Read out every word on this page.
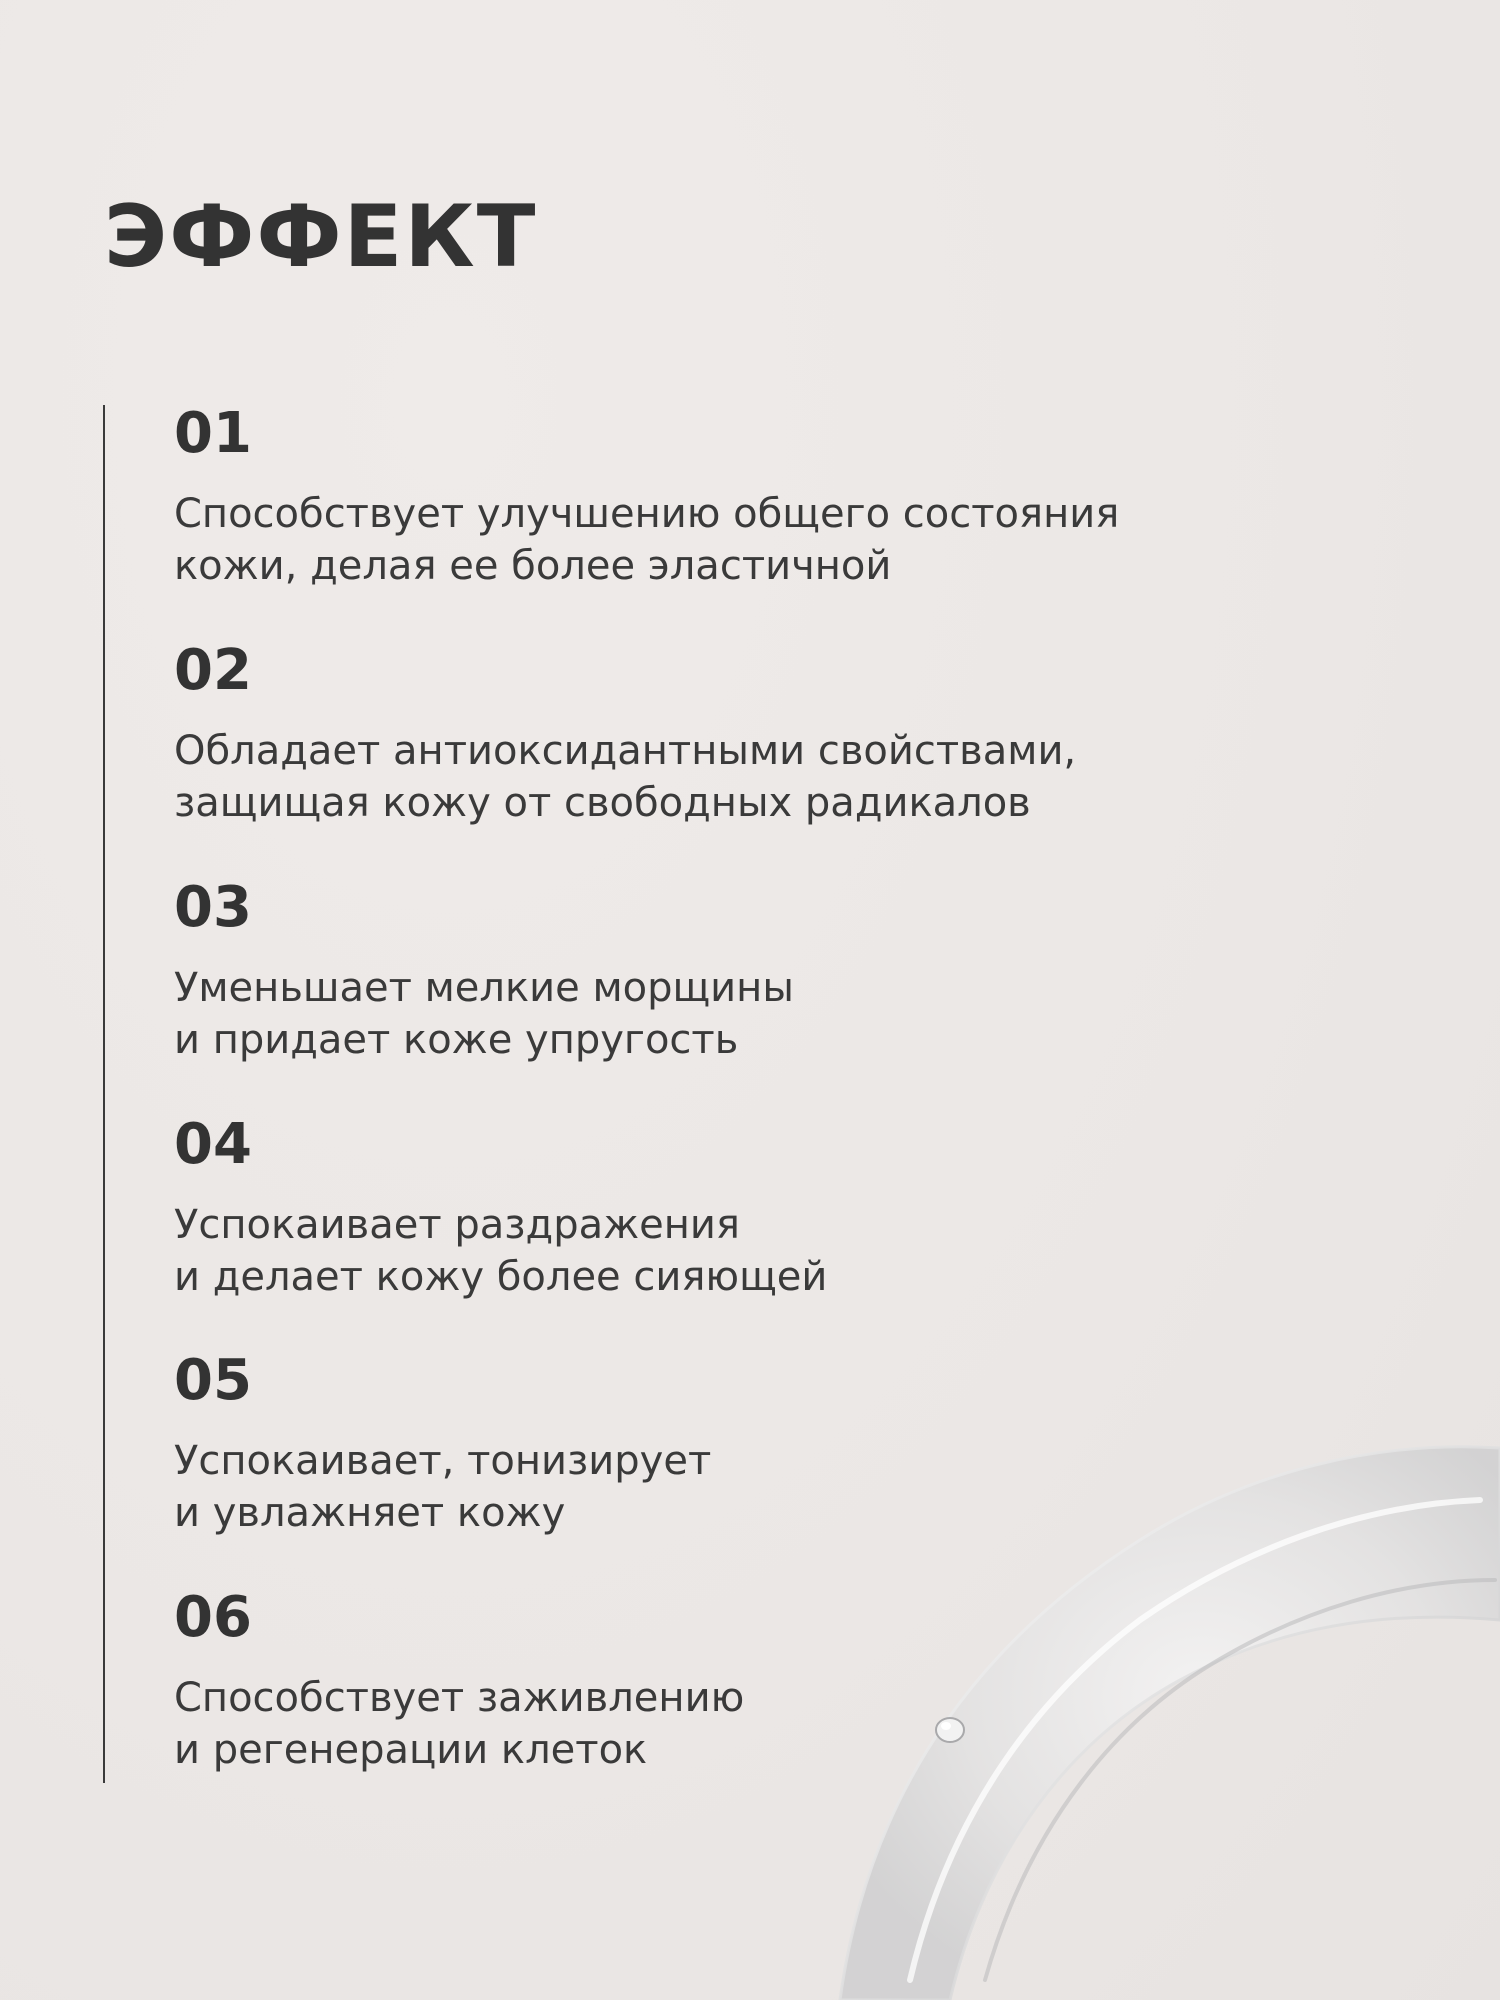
ЭФФЕКТ
01
Способствует улучшению общего состояния
кожи, делая ее более эластичной
02
Обладает антиоксидантными свойствами,
защищая кожу от свободных радикалов
03
Уменьшает мелкие морщины
и придает коже упругость
04
Успокаивает раздражения
и делает кожу более сияющей
05
Успокаивает, тонизирует
и увлажняет кожу
06
Способствует заживлению
и регенерации клеток
